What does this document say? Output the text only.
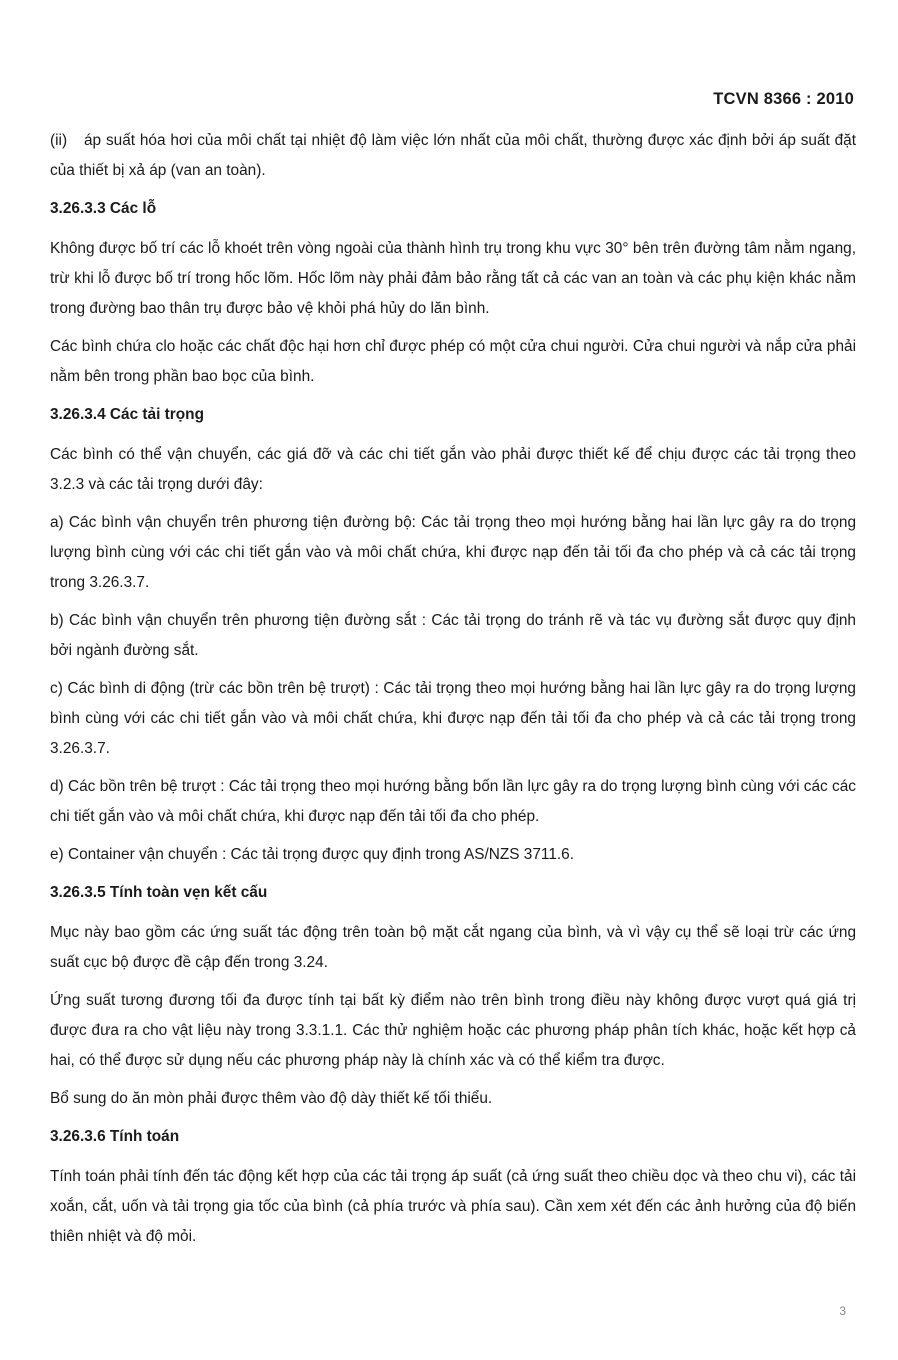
TCVN 8366 : 2010

(ii) áp suất hóa hơi của môi chất tại nhiệt độ làm việc lớn nhất của môi chất, thường được xác định bởi áp suất đặt của thiết bị xả áp (van an toàn).

3.26.3.3 Các lỗ

Không được bố trí các lỗ khoét trên vòng ngoài của thành hình trụ trong khu vực 30° bên trên đường tâm nằm ngang, trừ khi lỗ được bố trí trong hốc lõm. Hốc lõm này phải đảm bảo rằng tất cả các van an toàn và các phụ kiện khác nằm trong đường bao thân trụ được bảo vệ khỏi phá hủy do lăn bình.

Các bình chứa clo hoặc các chất độc hại hơn chỉ được phép có một cửa chui người. Cửa chui người và nắp cửa phải nằm bên trong phần bao bọc của bình.

3.26.3.4 Các tải trọng

Các bình có thể vận chuyển, các giá đỡ và các chi tiết gắn vào phải được thiết kế để chịu được các tải trọng theo 3.2.3 và các tải trọng dưới đây:

a) Các bình vận chuyển trên phương tiện đường bộ: Các tải trọng theo mọi hướng bằng hai lần lực gây ra do trọng lượng bình cùng với các chi tiết gắn vào và môi chất chứa, khi được nạp đến tải tối đa cho phép và cả các tải trọng trong 3.26.3.7.

b) Các bình vận chuyển trên phương tiện đường sắt : Các tải trọng do tránh rẽ và tác vụ đường sắt được quy định bởi ngành đường sắt.

c) Các bình di động (trừ các bồn trên bệ trượt) : Các tải trọng theo mọi hướng bằng hai lần lực gây ra do trọng lượng bình cùng với các chi tiết gắn vào và môi chất chứa, khi được nạp đến tải tối đa cho phép và cả các tải trọng trong 3.26.3.7.

d) Các bồn trên bệ trượt : Các tải trọng theo mọi hướng bằng bốn lần lực gây ra do trọng lượng bình cùng với các các chi tiết gắn vào và môi chất chứa, khi được nạp đến tải tối đa cho phép.

e) Container vận chuyển : Các tải trọng được quy định trong AS/NZS 3711.6.

3.26.3.5 Tính toàn vẹn kết cấu

Mục này bao gồm các ứng suất tác động trên toàn bộ mặt cắt ngang của bình, và vì vậy cụ thể sẽ loại trừ các ứng suất cục bộ được đề cập đến trong 3.24.

Ứng suất tương đương tối đa được tính tại bất kỳ điểm nào trên bình trong điều này không được vượt quá giá trị được đưa ra cho vật liệu này trong 3.3.1.1. Các thử nghiệm hoặc các phương pháp phân tích khác, hoặc kết hợp cả hai, có thể được sử dụng nếu các phương pháp này là chính xác và có thể kiểm tra được.

Bổ sung do ăn mòn phải được thêm vào độ dày thiết kế tối thiểu.

3.26.3.6 Tính toán

Tính toán phải tính đến tác động kết hợp của các tải trọng áp suất (cả ứng suất theo chiều dọc và theo chu vi), các tải xoắn, cắt, uốn và tải trọng gia tốc của bình (cả phía trước và phía sau). Cần xem xét đến các ảnh hưởng của độ biến thiên nhiệt và độ mỏi.

3
